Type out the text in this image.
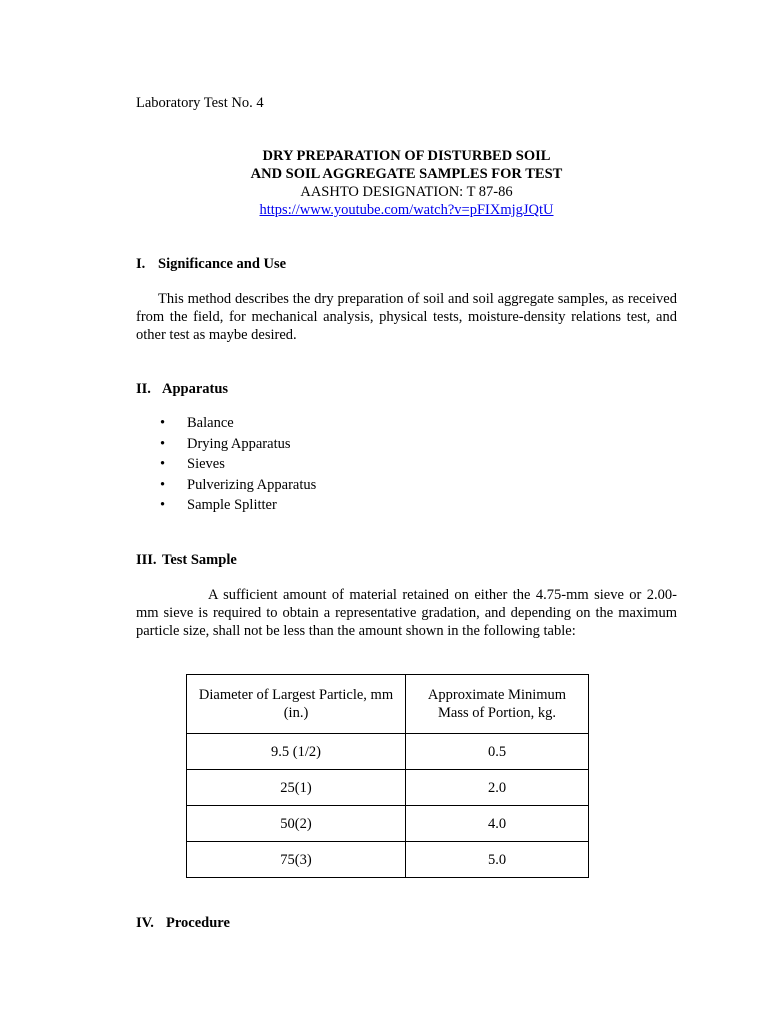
Laboratory Test No. 4
DRY PREPARATION OF DISTURBED SOIL
AND SOIL AGGREGATE SAMPLES FOR TEST
AASHTO DESIGNATION: T 87-86
https://www.youtube.com/watch?v=pFIXmjgJQtU
I. Significance and Use
This method describes the dry preparation of soil and soil aggregate samples, as received from the field, for mechanical analysis, physical tests, moisture-density relations test, and other test as maybe desired.
II. Apparatus
• Balance
• Drying Apparatus
• Sieves
• Pulverizing Apparatus
• Sample Splitter
III. Test Sample
A sufficient amount of material retained on either the 4.75-mm sieve or 2.00-mm sieve is required to obtain a representative gradation, and depending on the maximum particle size, shall not be less than the amount shown in the following table:
Diameter of Largest Particle, mm (in.)	Approximate Minimum Mass of Portion, kg.
9.5 (1/2)	0.5
25(1)	2.0
50(2)	4.0
75(3)	5.0
IV. Procedure
